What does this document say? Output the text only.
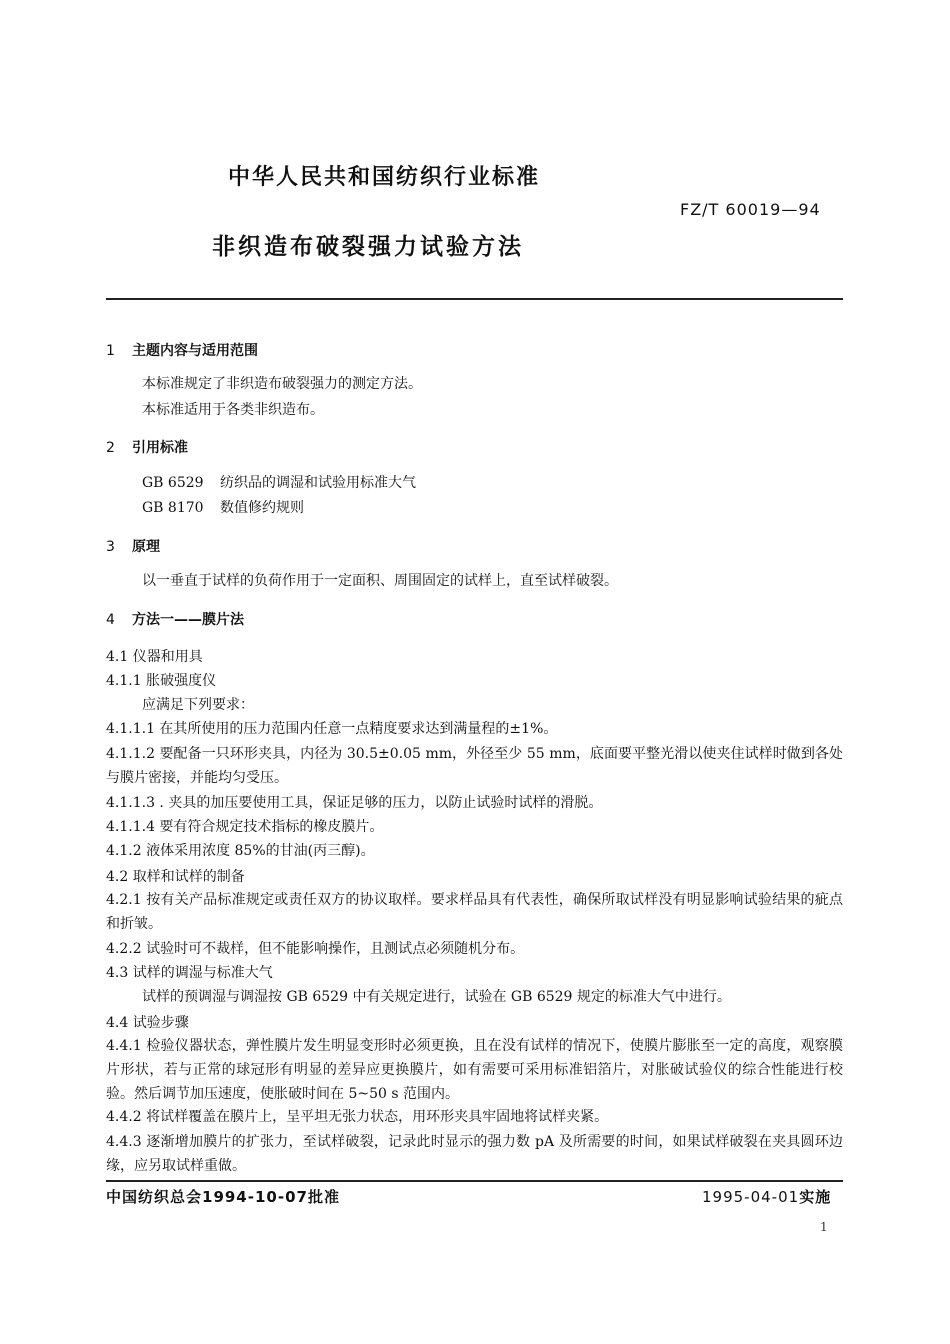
中华人民共和国纺织行业标准
FZ/T 60019—94
非织造布破裂强力试验方法
1 主题内容与适用范围
本标准规定了非织造布破裂强力的测定方法。
本标准适用于各类非织造布。
2 引用标准
GB 6529 纺织品的调湿和试验用标准大气
GB 8170 数值修约规则
3 原理
以一垂直于试样的负荷作用于一定面积、周围固定的试样上，直至试样破裂。
4 方法一——膜片法
4.1 仪器和用具
4.1.1 胀破强度仪
应满足下列要求：
4.1.1.1 在其所使用的压力范围内任意一点精度要求达到满量程的±1%。
4.1.1.2 要配备一只环形夹具，内径为 30.5±0.05 mm，外径至少 55 mm，底面要平整光滑以使夹住试样时做到各处与膜片密接，并能均匀受压。
4.1.1.3 . 夹具的加压要使用工具，保证足够的压力，以防止试验时试样的滑脱。
4.1.1.4 要有符合规定技术指标的橡皮膜片。
4.1.2 液体采用浓度 85%的甘油(丙三醇)。
4.2 取样和试样的制备
4.2.1 按有关产品标准规定或责任双方的协议取样。要求样品具有代表性，确保所取试样没有明显影响试验结果的疵点和折皱。
4.2.2 试验时可不裁样，但不能影响操作，且测试点必须随机分布。
4.3 试样的调湿与标准大气
试样的预调湿与调湿按 GB 6529 中有关规定进行，试验在 GB 6529 规定的标准大气中进行。
4.4 试验步骤
4.4.1 检验仪器状态，弹性膜片发生明显变形时必须更换，且在没有试样的情况下，使膜片膨胀至一定的高度，观察膜片形状，若与正常的球冠形有明显的差异应更换膜片，如有需要可采用标准铝箔片，对胀破试验仪的综合性能进行校验。然后调节加压速度，使胀破时间在 5~50 s 范围内。
4.4.2 将试样覆盖在膜片上，呈平坦无张力状态，用环形夹具牢固地将试样夹紧。
4.4.3 逐渐增加膜片的扩张力，至试样破裂，记录此时显示的强力数 pA 及所需要的时间，如果试样破裂在夹具圆环边缘，应另取试样重做。
中国纺织总会1994-10-07批准	1995-04-01实施
1
